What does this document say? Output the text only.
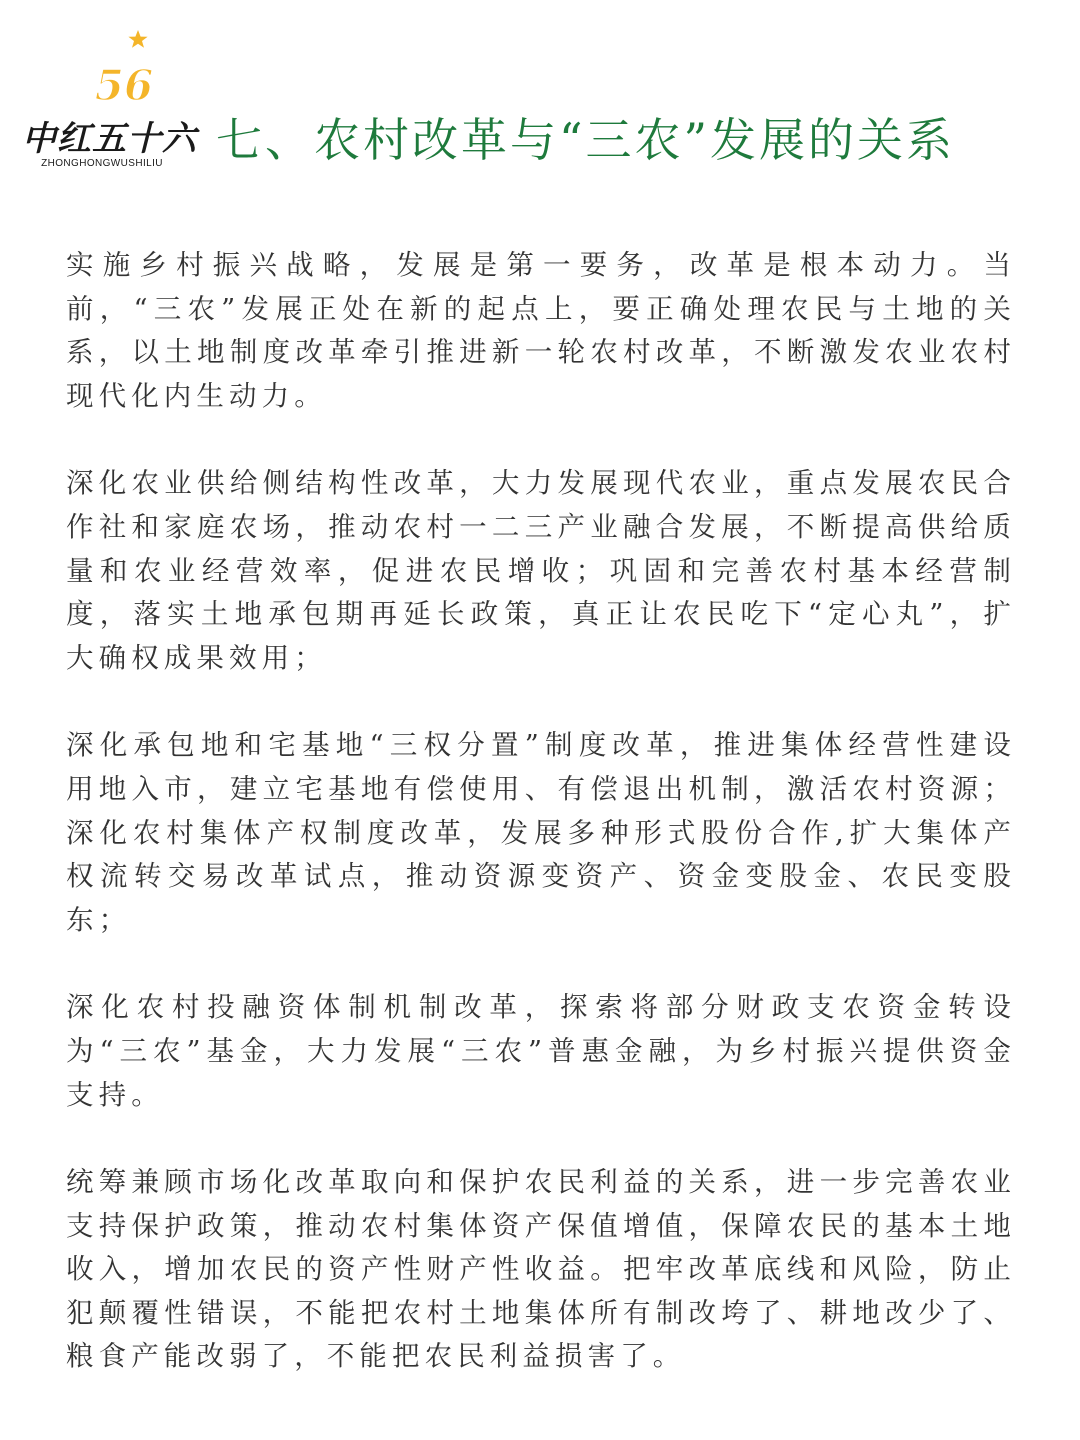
56
中红五十六
ZHONGHONGWUSHILIU	七、农村改革与“三农”发展的关系

实施乡村振兴战略，发展是第一要务，改革是根本动力。当前，“三农”发展正处在新的起点上，要正确处理农民与土地的关系，以土地制度改革牵引推进新一轮农村改革，不断激发农业农村现代化内生动力。

深化农业供给侧结构性改革，大力发展现代农业，重点发展农民合作社和家庭农场，推动农村一二三产业融合发展，不断提高供给质量和农业经营效率，促进农民增收；巩固和完善农村基本经营制度，落实土地承包期再延长政策，真正让农民吃下“定心丸”，扩大确权成果效用；

深化承包地和宅基地“三权分置”制度改革，推进集体经营性建设用地入市，建立宅基地有偿使用、有偿退出机制，激活农村资源；深化农村集体产权制度改革，发展多种形式股份合作,扩大集体产权流转交易改革试点，推动资源变资产、资金变股金、农民变股东；

深化农村投融资体制机制改革，探索将部分财政支农资金转设为“三农”基金，大力发展“三农”普惠金融，为乡村振兴提供资金支持。

统筹兼顾市场化改革取向和保护农民利益的关系，进一步完善农业支持保护政策，推动农村集体资产保值增值，保障农民的基本土地收入，增加农民的资产性财产性收益。把牢改革底线和风险，防止犯颠覆性错误，不能把农村土地集体所有制改垮了、耕地改少了、粮食产能改弱了，不能把农民利益损害了。
